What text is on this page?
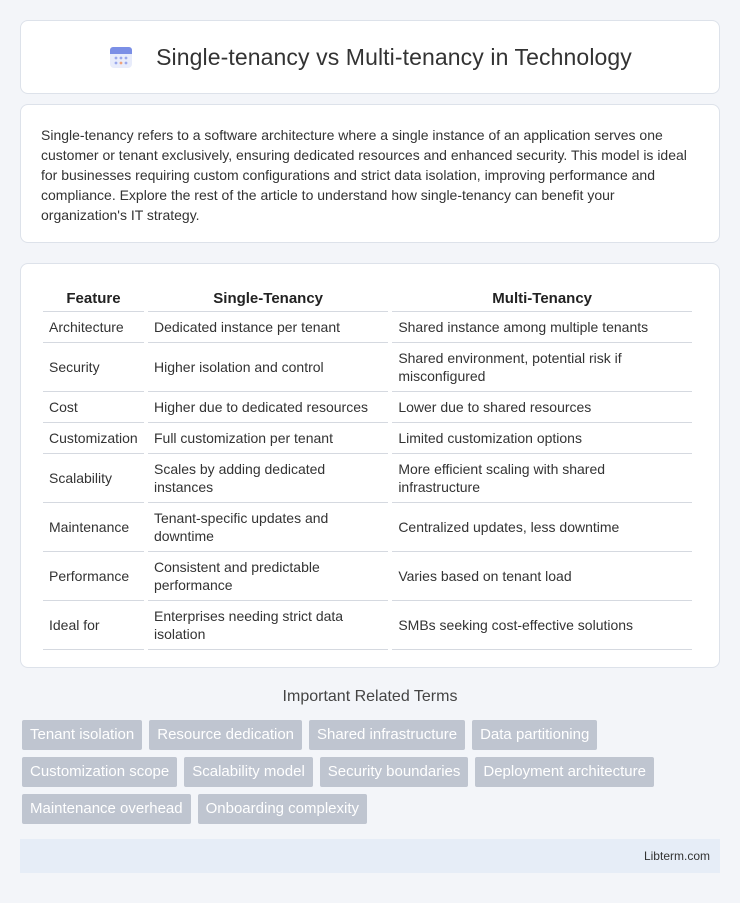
Single-tenancy vs Multi-tenancy in Technology

Single-tenancy refers to a software architecture where a single instance of an application serves one customer or tenant exclusively, ensuring dedicated resources and enhanced security. This model is ideal for businesses requiring custom configurations and strict data isolation, improving performance and compliance. Explore the rest of the article to understand how single-tenancy can benefit your organization's IT strategy.

Feature	Single-Tenancy	Multi-Tenancy
Architecture	Dedicated instance per tenant	Shared instance among multiple tenants
Security	Higher isolation and control	Shared environment, potential risk if misconfigured
Cost	Higher due to dedicated resources	Lower due to shared resources
Customization	Full customization per tenant	Limited customization options
Scalability	Scales by adding dedicated instances	More efficient scaling with shared infrastructure
Maintenance	Tenant-specific updates and downtime	Centralized updates, less downtime
Performance	Consistent and predictable performance	Varies based on tenant load
Ideal for	Enterprises needing strict data isolation	SMBs seeking cost-effective solutions
Important Related Terms
Tenant isolation	Resource dedication	Shared infrastructure	Data partitioning
Customization scope	Scalability model	Security boundaries	Deployment architecture
Maintenance overhead	Onboarding complexity
Libterm.com
